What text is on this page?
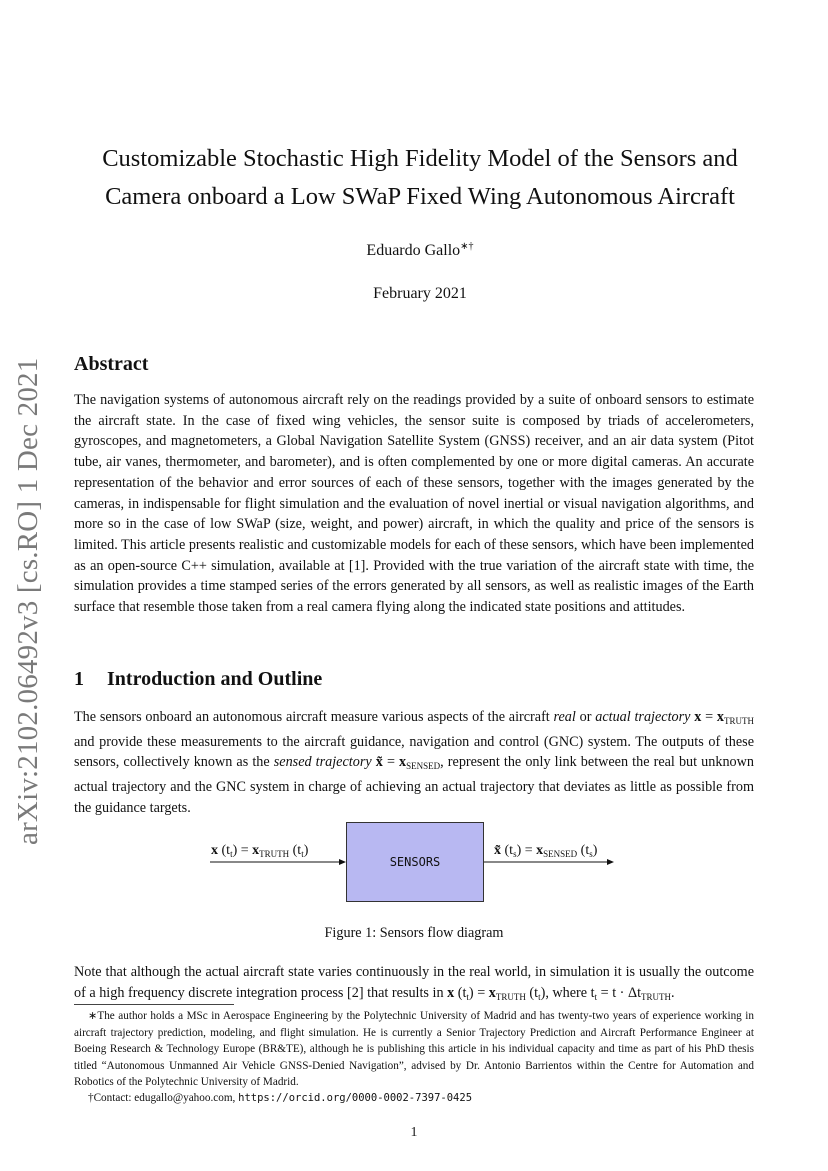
arXiv:2102.06492v3 [cs.RO] 1 Dec 2021
Customizable Stochastic High Fidelity Model of the Sensors and
Camera onboard a Low SWaP Fixed Wing Autonomous Aircraft
Eduardo Gallo∗†
February 2021
Abstract

The navigation systems of autonomous aircraft rely on the readings provided by a suite of onboard sensors to estimate the aircraft state. In the case of fixed wing vehicles, the sensor suite is composed by triads of accelerometers, gyroscopes, and magnetometers, a Global Navigation Satellite System (GNSS) receiver, and an air data system (Pitot tube, air vanes, thermometer, and barometer), and is often complemented by one or more digital cameras. An accurate representation of the behavior and error sources of each of these sensors, together with the images generated by the cameras, in indispensable for flight simulation and the evaluation of novel inertial or visual navigation algorithms, and more so in the case of low SWaP (size, weight, and power) aircraft, in which the quality and price of the sensors is limited. This article presents realistic and customizable models for each of these sensors, which have been implemented as an open-source C++ simulation, available at [1]. Provided with the true variation of the aircraft state with time, the simulation provides a time stamped series of the errors generated by all sensors, as well as realistic images of the Earth surface that resemble those taken from a real camera flying along the indicated state positions and attitudes.

1 Introduction and Outline

The sensors onboard an autonomous aircraft measure various aspects of the aircraft real or actual trajectory $x = x_{TRUTH}$ and provide these measurements to the aircraft guidance, navigation and control (GNC) system. The outputs of these sensors, collectively known as the sensed trajectory x̃ = $x_{SENSED}$, represent the only link between the real but unknown actual trajectory and the GNC system in charge of achieving an actual trajectory that deviates as little as possible from the guidance targets.

SENSORS
x $(t_t) = x_{TRUTH}$ $(t_t)$	x̃ $(t_s) = x_{SENSED}$ $(t_s)$
Figure 1: Sensors flow diagram

Note that although the actual aircraft state varies continuously in the real world, in simulation it is usually the outcome of a high frequency discrete integration process [2] that results in x $(t_t) = x_{TRUTH}$ $(t_t)$, where $t_t = t \cdot \Delta t_{TRUTH}$.

∗The author holds a MSc in Aerospace Engineering by the Polytechnic University of Madrid and has twenty-two years of experience working in aircraft trajectory prediction, modeling, and flight simulation. He is currently a Senior Trajectory Prediction and Aircraft Performance Engineer at Boeing Research & Technology Europe (BR&TE), although he is publishing this article in his individual capacity and time as part of his PhD thesis titled “Autonomous Unmanned Air Vehicle GNSS-Denied Navigation”, advised by Dr. Antonio Barrientos within the Centre for Automation and Robotics of the Polytechnic University of Madrid.

†Contact: edugallo@yahoo.com, https://orcid.org/0000-0002-7397-0425

1
